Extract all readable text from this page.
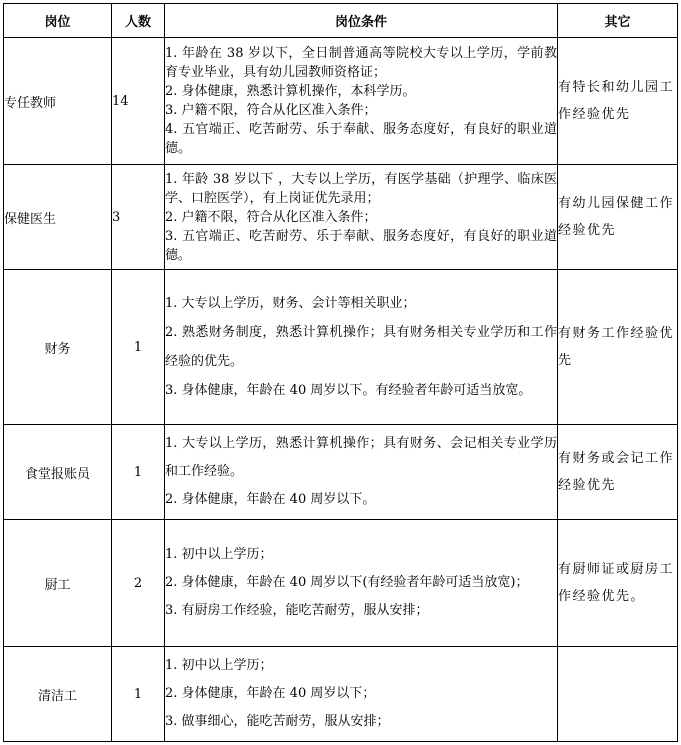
岗位	人数	岗位条件	其它
专任教师	14	1. 年龄在 38 岁以下，全日制普通高等院校大专以上学历，学前教育专业毕业，具有幼儿园教师资格证；
2. 身体健康，熟悉计算机操作，本科学历。
3. 户籍不限，符合从化区准入条件；
4. 五官端正、吃苦耐劳、乐于奉献、服务态度好，有良好的职业道德。	有特长和幼儿园工作经验优先

保健医生	3	1. 年龄 38 岁以下 ，大专以上学历，有医学基础（护理学、临床医学、口腔医学），有上岗证优先录用；
2. 户籍不限，符合从化区准入条件；
3. 五官端正、吃苦耐劳、乐于奉献、服务态度好，有良好的职业道德。	有幼儿园保健工作经验优先

财务	1	1. 大专以上学历，财务、会计等相关职业；
2. 熟悉财务制度，熟悉计算机操作；具有财务相关专业学历和工作经验的优先。
3. 身体健康，年龄在 40 周岁以下。有经验者年龄可适当放宽。	有财务工作经验优先

食堂报账员	1	1. 大专以上学历，熟悉计算机操作；具有财务、会记相关专业学历和工作经验。
2. 身体健康，年龄在 40 周岁以下。	有财务或会记工作经验优先

厨工	2	1. 初中以上学历；
2. 身体健康，年龄在 40 周岁以下(有经验者年龄可适当放宽)；
3. 有厨房工作经验，能吃苦耐劳，服从安排；	有厨师证或厨房工作经验优先。

清洁工	1	1. 初中以上学历；
2. 身体健康，年龄在 40 周岁以下；
3. 做事细心，能吃苦耐劳，服从安排；	
